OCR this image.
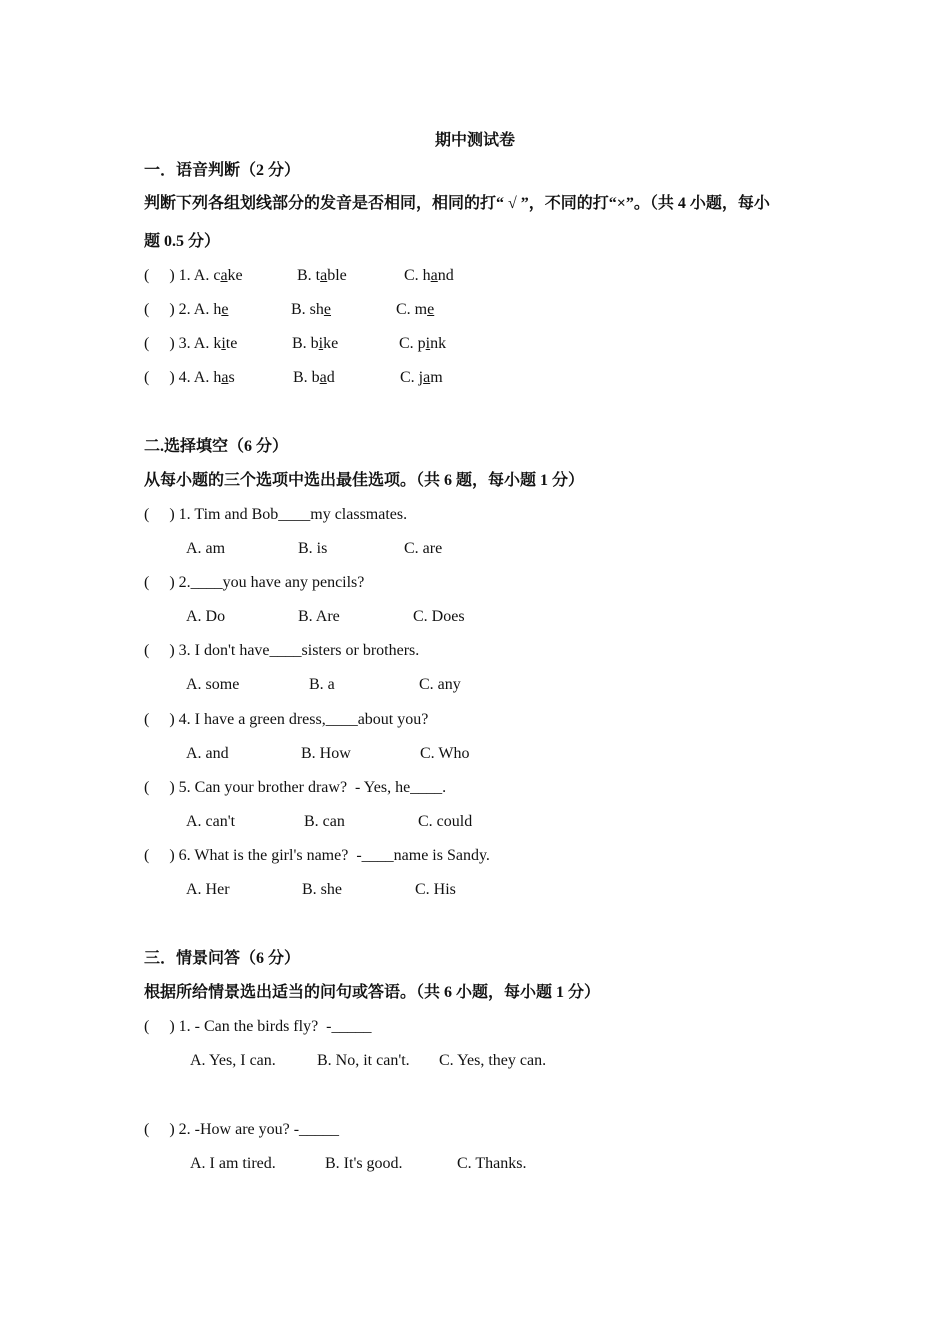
期中测试卷
一．语音判断（2 分）
判断下列各组划线部分的发音是否相同，相同的打“ √ ”，不同的打“×”。（共 4 小题，每小
题 0.5 分）
(     ) 1. A. cake	B. table	C. hand
(     ) 2. A. he	B. she	C. me
(     ) 3. A. kite	B. bike	C. pink
(     ) 4. A. has	B. bad	C. jam
二.选择填空（6 分）
从每小题的三个选项中选出最佳选项。（共 6 题，每小题 1 分）
(     ) 1. Tim and Bob____my classmates.
A. am	B. is	C. are
(     ) 2.____you have any pencils?
A. Do	B. Are	C. Does
(     ) 3. I don't have____sisters or brothers.
A. some	B. a	C. any
(     ) 4. I have a green dress,____about you?
A. and	B. How	C. Who
(     ) 5. Can your brother draw?  - Yes, he____.
A. can't	B. can	C. could
(     ) 6. What is the girl's name?  -____name is Sandy.
A. Her	B. she	C. His
三．情景问答（6 分）
根据所给情景选出适当的问句或答语。（共 6 小题，每小题 1 分）
(     ) 1. - Can the birds fly?  -_____
A. Yes, I can.	B. No, it can't. C. Yes, they can.
(     ) 2. -How are you? -_____
A. I am tired.	B. It's good.	C. Thanks.
